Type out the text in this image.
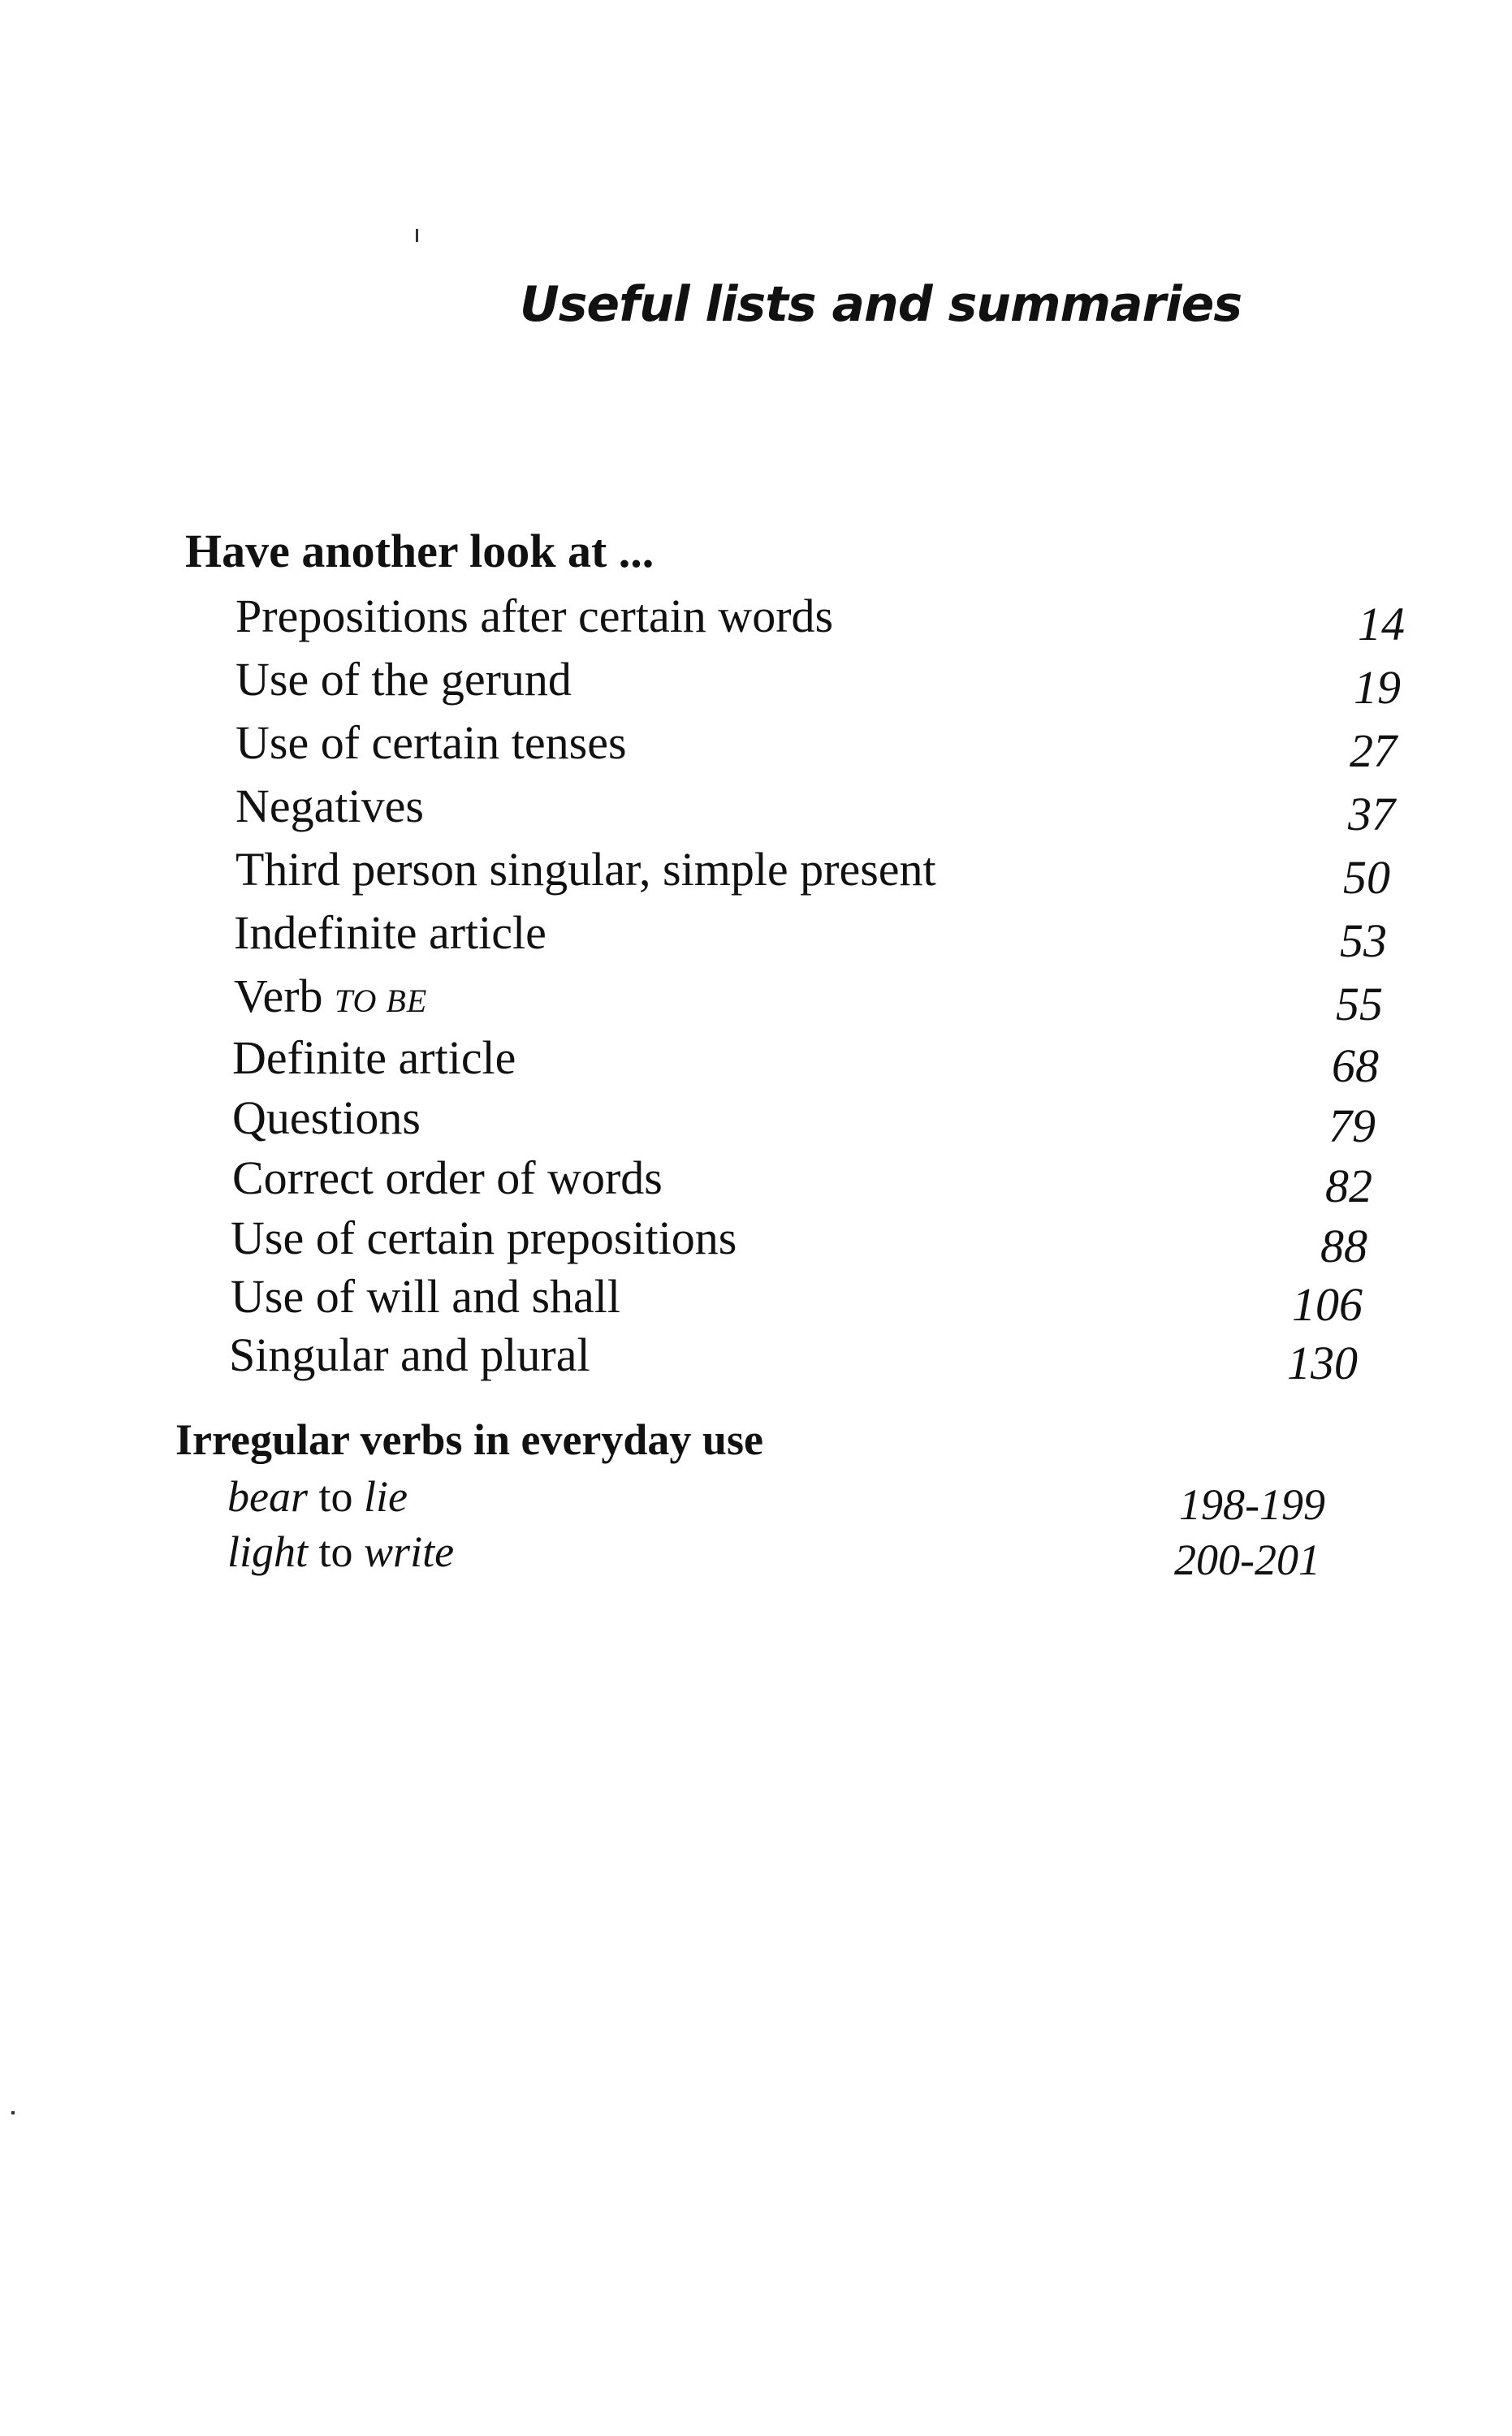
Useful lists and summaries
Have another look at ...
Prepositions after certain words	14
Use of the gerund	19
Use of certain tenses	27
Negatives	37
Third person singular, simple present	50
Indefinite article	53
Verb TO BE	55
Definite article	68
Questions	79
Correct order of words	82
Use of certain prepositions	88
Use of will and shall	106
Singular and plural	130
Irregular verbs in everyday use
bear to lie	198-199
light to write	200-201
